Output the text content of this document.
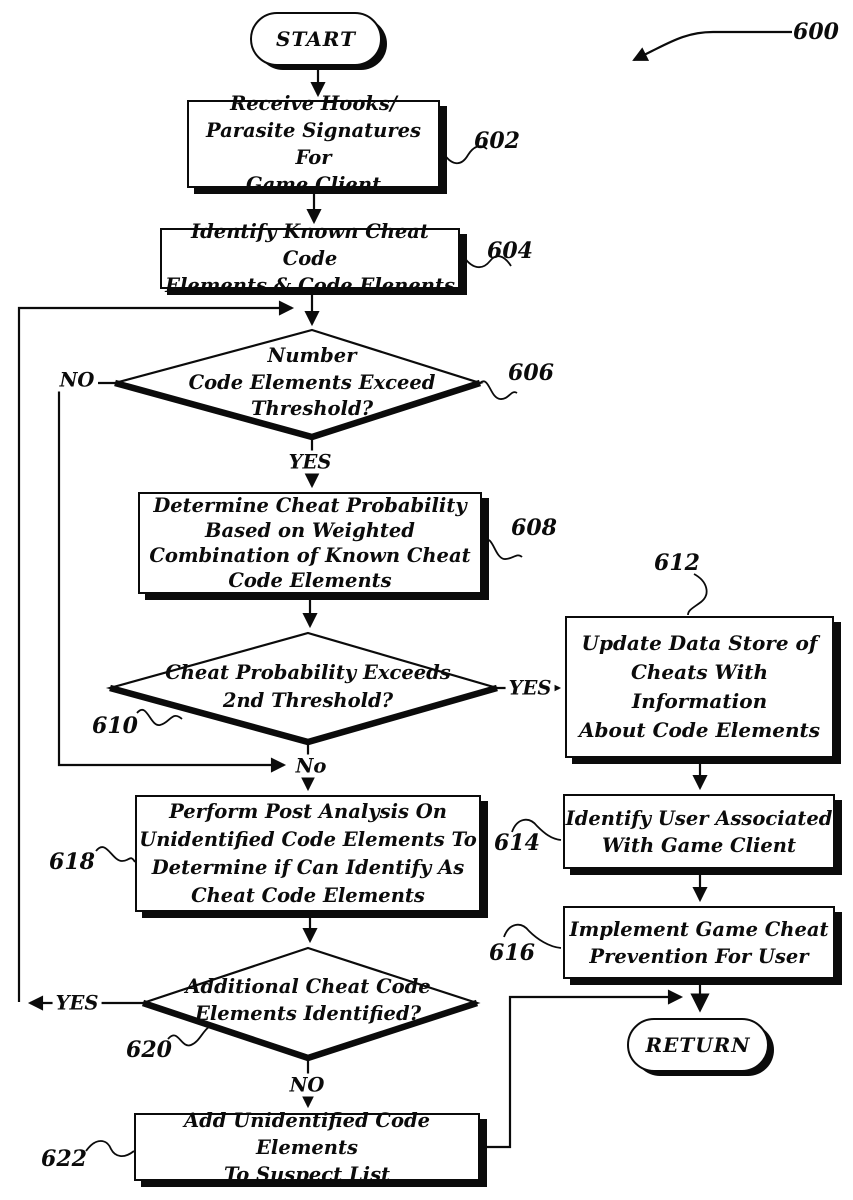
START
RETURN
Receive Hooks/
Parasite Signatures For
Game Client
Identify Known Cheat Code
Elements & Code Elenents
Determine Cheat Probability
Based on Weighted
Combination of Known Cheat
Code Elements
Update Data Store of
Cheats With Information
About Code Elements
Identify User Associated
With Game Client
Implement Game Cheat
Prevention For User
Perform Post Analysis On
Unidentified Code Elements To
Determine if Can Identify As
Cheat Code Elements
Add Unidentified Code Elements
To Suspect List
Number
Code Elements Exceed
Threshold?
Cheat Probability Exceeds
2nd Threshold?
Additional Cheat Code
Elements Identified?
NO
YES
YES
No
YES
NO
600
602
604
606
608
610
612
614
616
618
620
622
